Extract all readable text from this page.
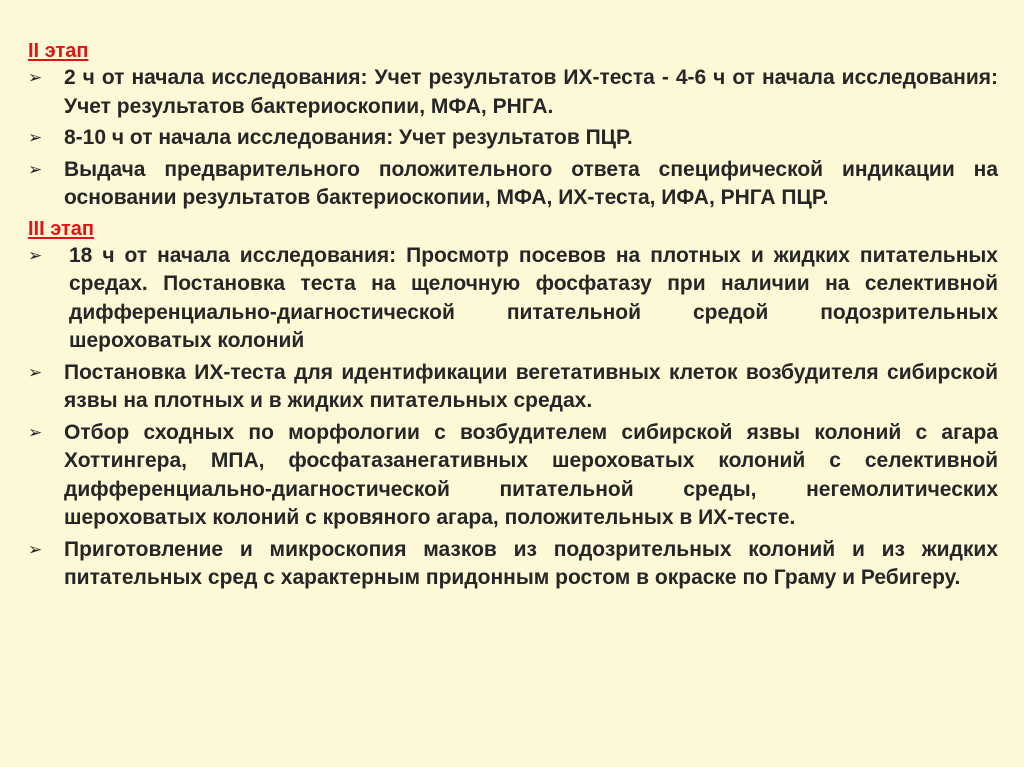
II этап
➢	2 ч от начала исследования: Учет результатов ИХ-теста - 4-6 ч от начала исследования: Учет результатов бактериоскопии, МФА, РНГА.
➢	8-10 ч от начала исследования: Учет результатов ПЦР.
➢	Выдача предварительного положительного ответа специфической индикации на основании результатов бактериоскопии, МФА, ИХ-теста, ИФА, РНГА ПЦР.
III этап
➢	18 ч от начала исследования: Просмотр посевов на плотных и жидких питательных средах. Постановка теста на щелочную фосфатазу при наличии на селективной дифференциально-диагностической питательной средой подозрительных шероховатых колоний
➢	Постановка ИХ-теста для идентификации вегетативных клеток возбудителя сибирской язвы на плотных и в жидких питательных средах.
➢	Отбор сходных по морфологии с возбудителем сибирской язвы колоний с агара Хоттингера, МПА, фосфатазанегативных шероховатых колоний с селективной дифференциально-диагностической питательной среды, негемолитических шероховатых колоний с кровяного агара, положительных в ИХ-тесте.
➢	Приготовление и микроскопия мазков из подозрительных колоний и из жидких питательных сред с характерным придонным ростом в окраске по Граму и Ребигеру.
